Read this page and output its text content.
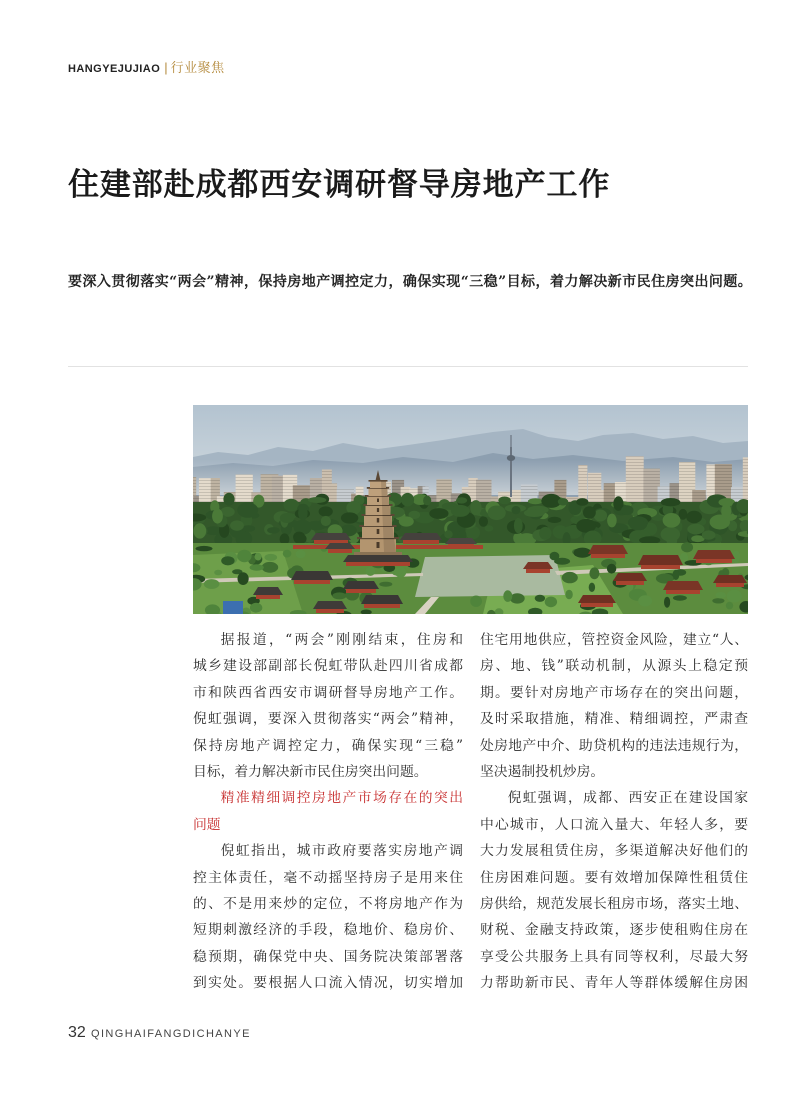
HANGYEJUJIAO | 行业聚焦
住建部赴成都西安调研督导房地产工作
要深入贯彻落实“两会”精神，保持房地产调控定力，确保实现“三稳”目标，着力解决新市民住房突出问题。
据报道，“两会”刚刚结束，住房和
城乡建设部副部长倪虹带队赴四川省成都
市和陕西省西安市调研督导房地产工作。
倪虹强调，要深入贯彻落实“两会”精神，
保持房地产调控定力，确保实现“三稳”
目标，着力解决新市民住房突出问题。
精准精细调控房地产市场存在的突出
问题
倪虹指出，城市政府要落实房地产调
控主体责任，毫不动摇坚持房子是用来住
的、不是用来炒的定位，不将房地产作为
短期刺激经济的手段，稳地价、稳房价、
稳预期，确保党中央、国务院决策部署落
到实处。要根据人口流入情况，切实增加
住宅用地供应，管控资金风险，建立“人、
房、地、钱”联动机制，从源头上稳定预
期。要针对房地产市场存在的突出问题，
及时采取措施，精准、精细调控，严肃查
处房地产中介、助贷机构的违法违规行为，
坚决遏制投机炒房。
倪虹强调，成都、西安正在建设国家
中心城市，人口流入量大、年轻人多，要
大力发展租赁住房，多渠道解决好他们的
住房困难问题。要有效增加保障性租赁住
房供给，规范发展长租房市场，落实土地、
财税、金融支持政策，逐步使租购住房在
享受公共服务上具有同等权利，尽最大努
力帮助新市民、青年人等群体缓解住房困
32 QINGHAIFANGDICHANYE
